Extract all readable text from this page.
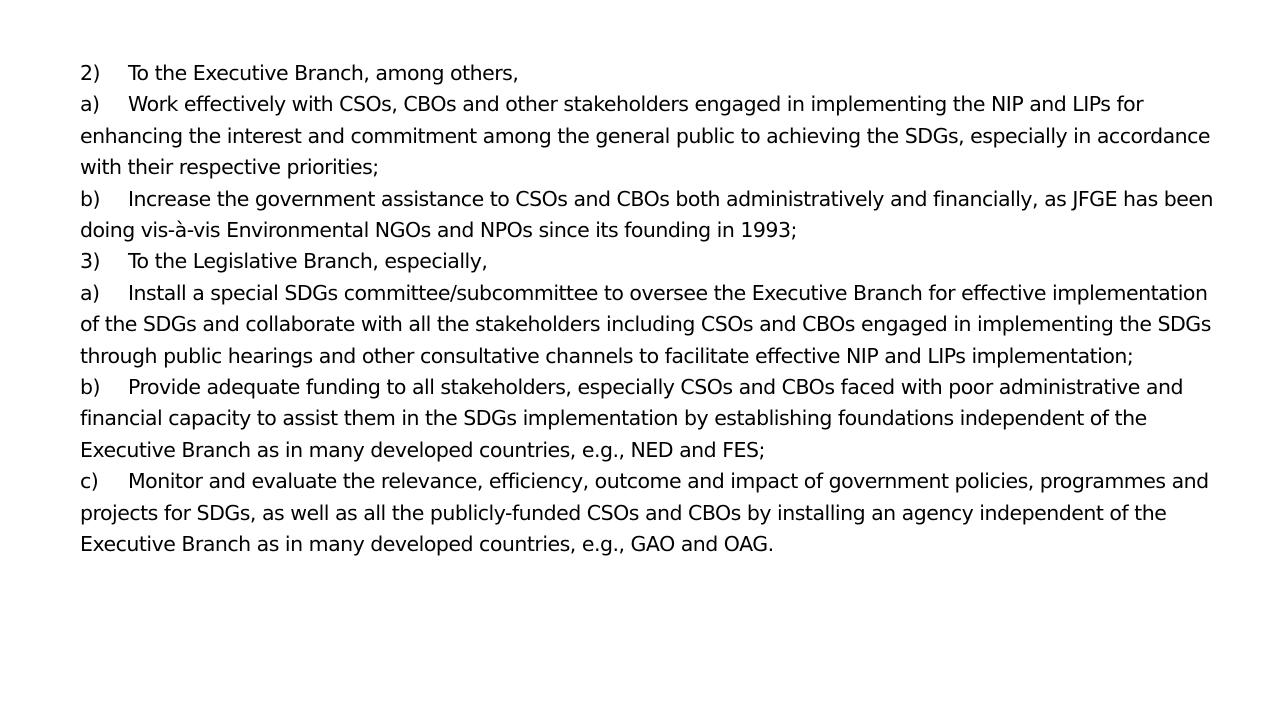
2) To the Executive Branch, among others,

a) Work effectively with CSOs, CBOs and other stakeholders engaged in implementing the NIP and LIPs for enhancing the interest and commitment among the general public to achieving the SDGs, especially in accordance with their respective priorities;

b) Increase the government assistance to CSOs and CBOs both administratively and financially, as JFGE has been doing vis-à-vis Environmental NGOs and NPOs since its founding in 1993;

3) To the Legislative Branch, especially,

a) Install a special SDGs committee/subcommittee to oversee the Executive Branch for effective implementation of the SDGs and collaborate with all the stakeholders including CSOs and CBOs engaged in implementing the SDGs through public hearings and other consultative channels to facilitate effective NIP and LIPs implementation;

b) Provide adequate funding to all stakeholders, especially CSOs and CBOs faced with poor administrative and financial capacity to assist them in the SDGs implementation by establishing foundations independent of the Executive Branch as in many developed countries, e.g., NED and FES;

c) Monitor and evaluate the relevance, efficiency, outcome and impact of government policies, programmes and projects for SDGs, as well as all the publicly-funded CSOs and CBOs by installing an agency independent of the Executive Branch as in many developed countries, e.g., GAO and OAG.
